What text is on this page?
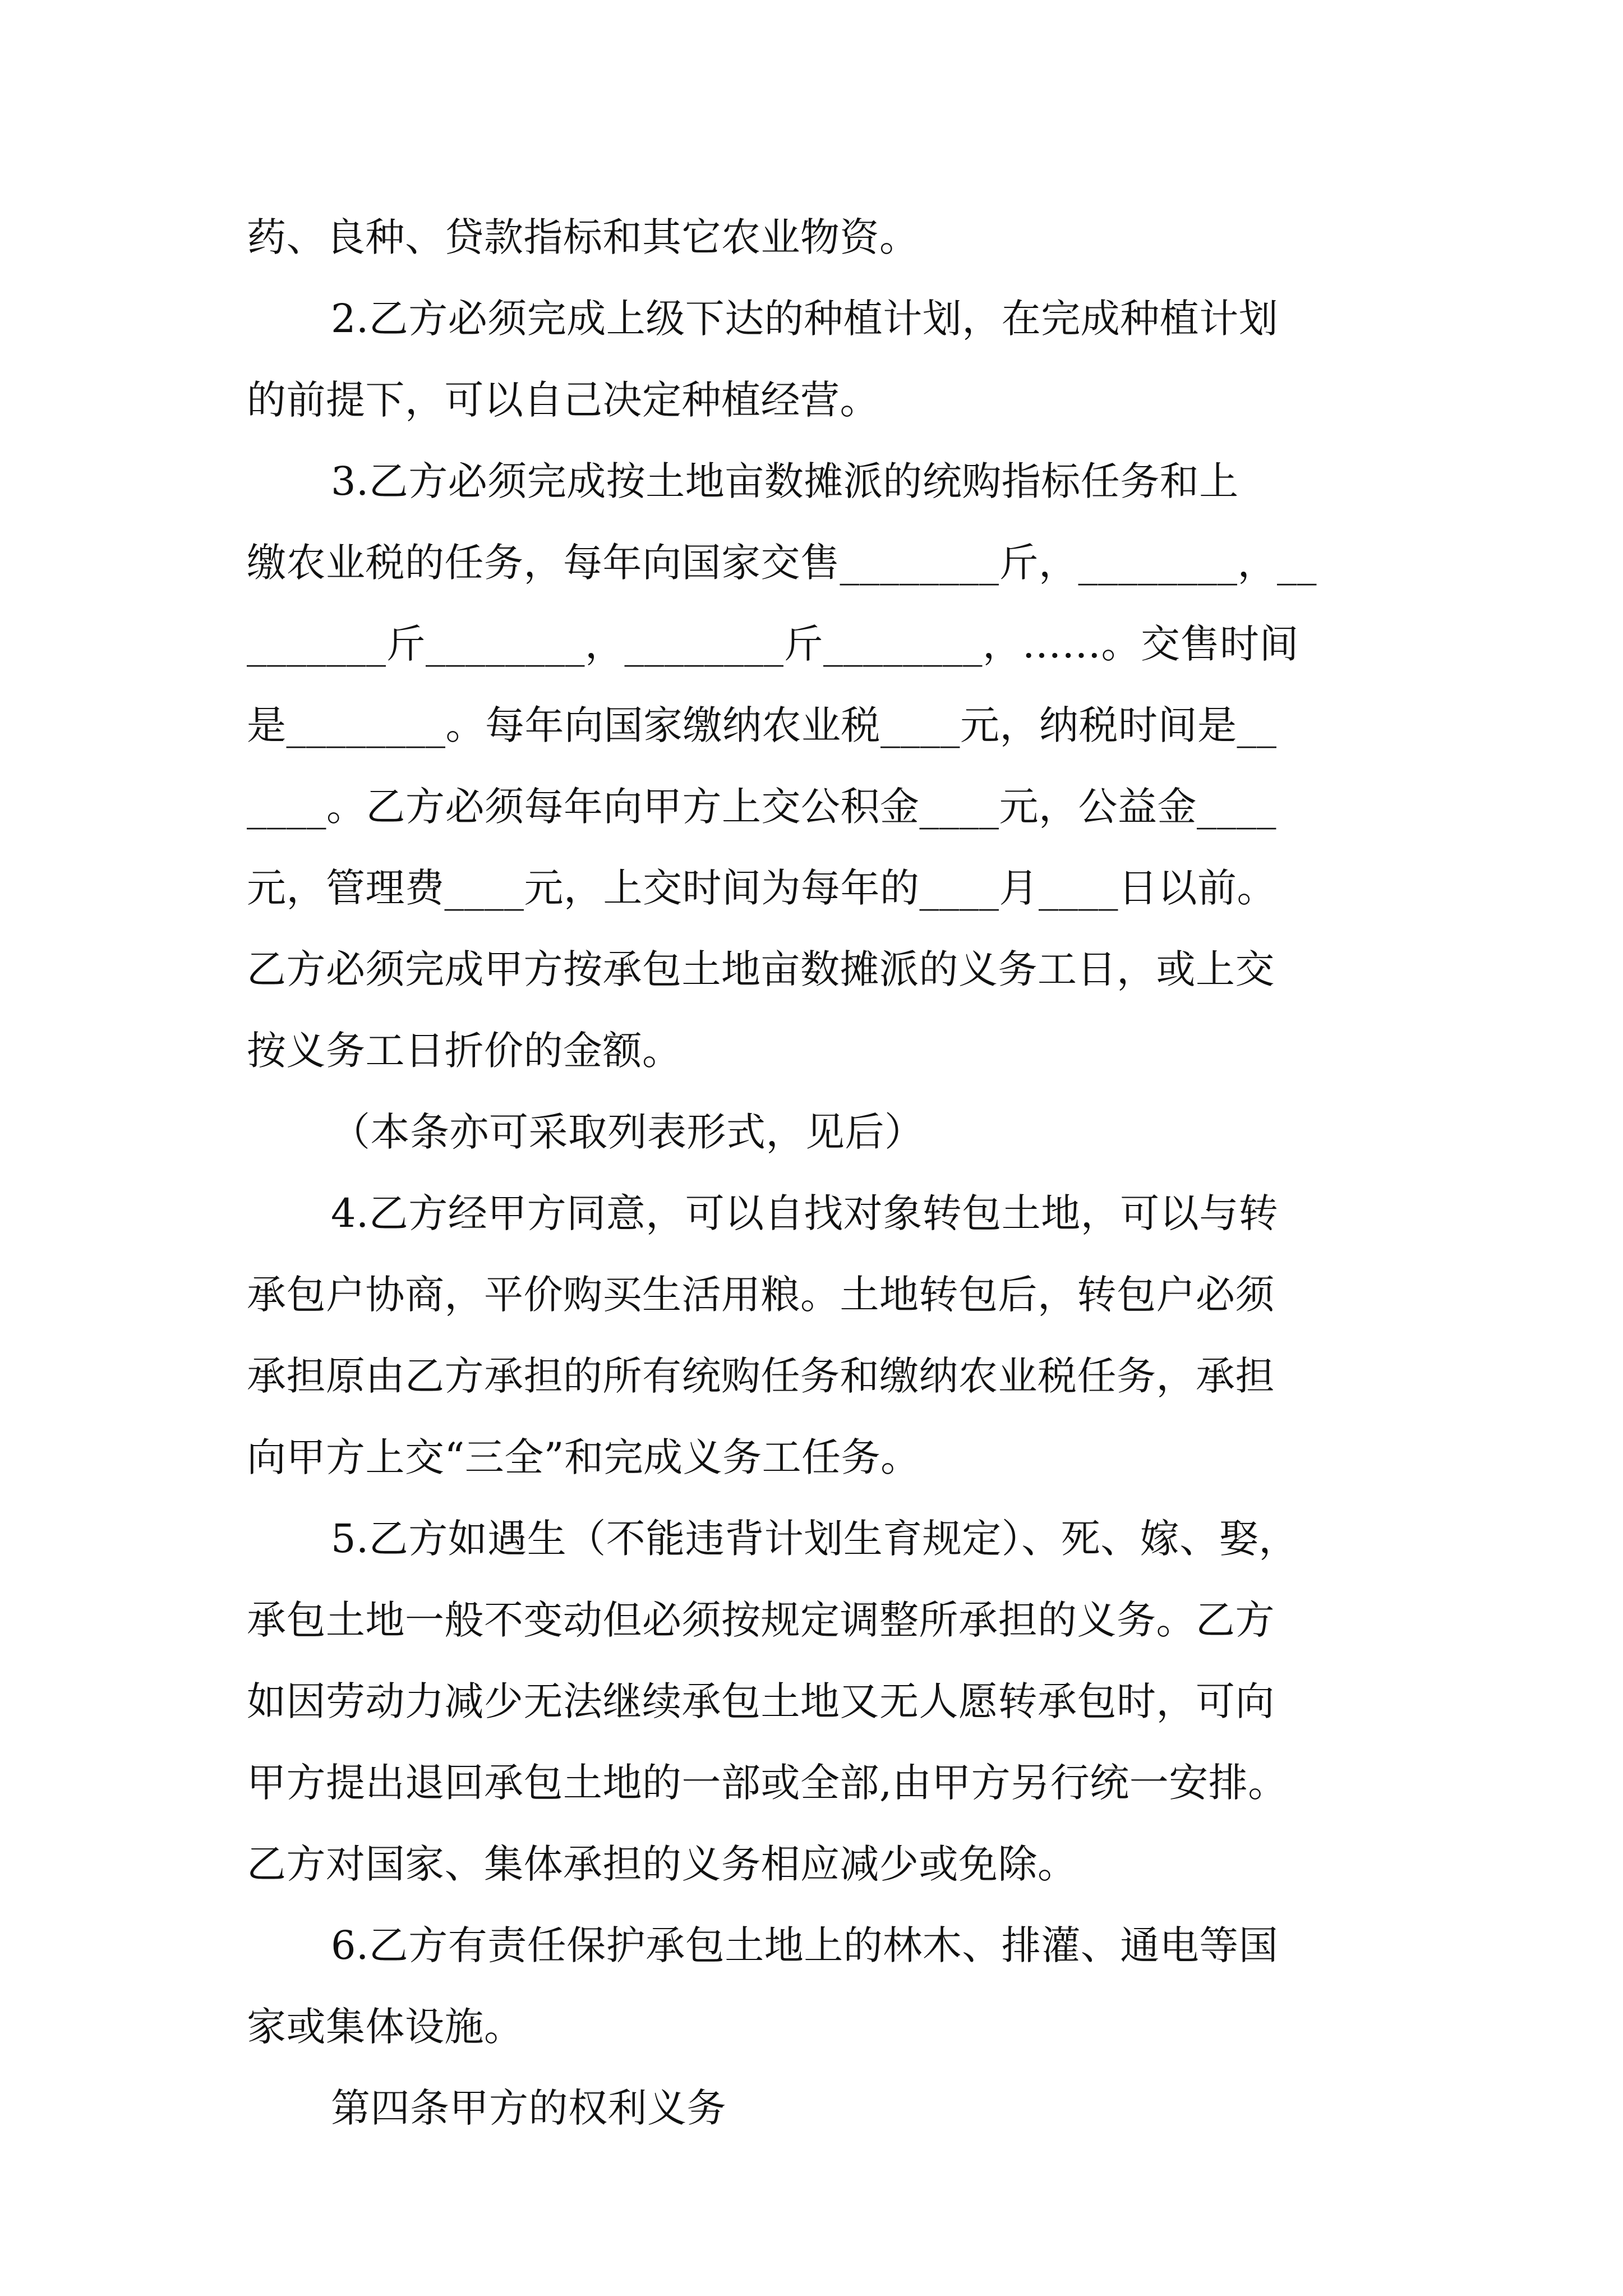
药、良种、贷款指标和其它农业物资。
2.乙方必须完成上级下达的种植计划，在完成种植计划
的前提下，可以自己决定种植经营。
3.乙方必须完成按土地亩数摊派的统购指标任务和上
缴农业税的任务，每年向国家交售________斤，________，__
_______斤________，________斤________，……。交售时间
是________。每年向国家缴纳农业税____元，纳税时间是__
____。乙方必须每年向甲方上交公积金____元，公益金____
元，管理费____元，上交时间为每年的____月____日以前。
乙方必须完成甲方按承包土地亩数摊派的义务工日，或上交
按义务工日折价的金额。
（本条亦可采取列表形式，见后）
4.乙方经甲方同意，可以自找对象转包土地，可以与转
承包户协商，平价购买生活用粮。土地转包后，转包户必须
承担原由乙方承担的所有统购任务和缴纳农业税任务，承担
向甲方上交“三全”和完成义务工任务。
5.乙方如遇生（不能违背计划生育规定）、死、嫁、娶，
承包土地一般不变动但必须按规定调整所承担的义务。乙方
如因劳动力减少无法继续承包土地又无人愿转承包时，可向
甲方提出退回承包土地的一部或全部,由甲方另行统一安排。
乙方对国家、集体承担的义务相应减少或免除。
6.乙方有责任保护承包土地上的林木、排灌、通电等国
家或集体设施。
第四条甲方的权利义务
